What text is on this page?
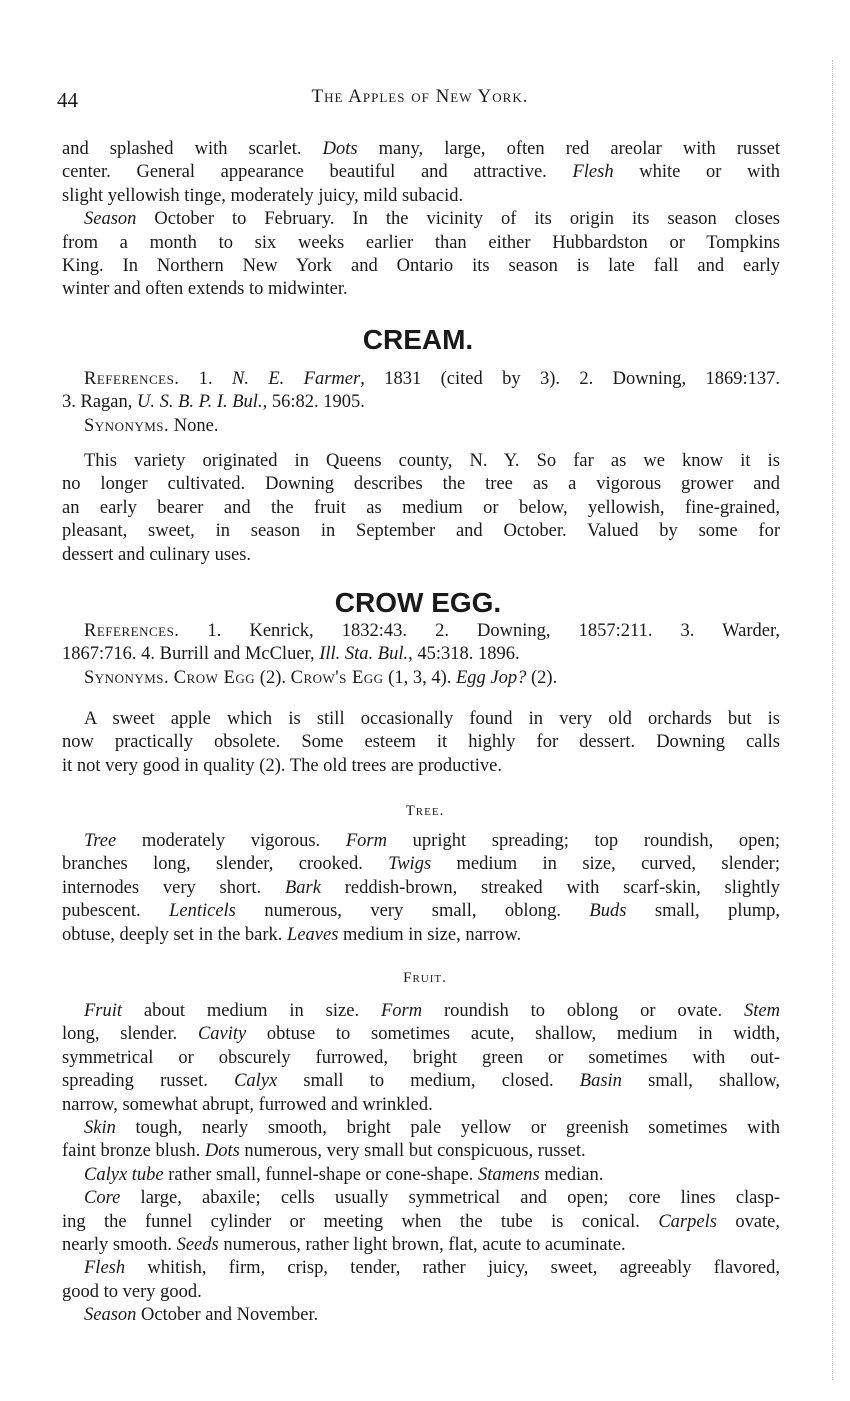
44	The Apples of New York.
and splashed with scarlet. Dots many, large, often red areolar with russet
center. General appearance beautiful and attractive. Flesh white or with
slight yellowish tinge, moderately juicy, mild subacid.
Season October to February. In the vicinity of its origin its season closes
from a month to six weeks earlier than either Hubbardston or Tompkins
King. In Northern New York and Ontario its season is late fall and early
winter and often extends to midwinter.
CREAM.
References. 1. N. E. Farmer, 1831 (cited by 3). 2. Downing, 1869:137.
3. Ragan, U. S. B. P. I. Bul., 56:82. 1905.
Synonyms. None.
This variety originated in Queens county, N. Y. So far as we know it is
no longer cultivated. Downing describes the tree as a vigorous grower and
an early bearer and the fruit as medium or below, yellowish, fine-grained,
pleasant, sweet, in season in September and October. Valued by some for
dessert and culinary uses.
CROW EGG.
References. 1. Kenrick, 1832:43. 2. Downing, 1857:211. 3. Warder,
1867:716. 4. Burrill and McCluer, Ill. Sta. Bul., 45:318. 1896.
Synonyms. Crow Egg (2). Crow's Egg (1, 3, 4). Egg Jop? (2).
A sweet apple which is still occasionally found in very old orchards but is
now practically obsolete. Some esteem it highly for dessert. Downing calls
it not very good in quality (2). The old trees are productive.
Tree.
Tree moderately vigorous. Form upright spreading; top roundish, open;
branches long, slender, crooked. Twigs medium in size, curved, slender;
internodes very short. Bark reddish-brown, streaked with scarf-skin, slightly
pubescent. Lenticels numerous, very small, oblong. Buds small, plump,
obtuse, deeply set in the bark. Leaves medium in size, narrow.
Fruit.
Fruit about medium in size. Form roundish to oblong or ovate. Stem
long, slender. Cavity obtuse to sometimes acute, shallow, medium in width,
symmetrical or obscurely furrowed, bright green or sometimes with out-
spreading russet. Calyx small to medium, closed. Basin small, shallow,
narrow, somewhat abrupt, furrowed and wrinkled.
Skin tough, nearly smooth, bright pale yellow or greenish sometimes with
faint bronze blush. Dots numerous, very small but conspicuous, russet.
Calyx tube rather small, funnel-shape or cone-shape. Stamens median.
Core large, abaxile; cells usually symmetrical and open; core lines clasp-
ing the funnel cylinder or meeting when the tube is conical. Carpels ovate,
nearly smooth. Seeds numerous, rather light brown, flat, acute to acuminate.
Flesh whitish, firm, crisp, tender, rather juicy, sweet, agreeably flavored,
good to very good.
Season October and November.
